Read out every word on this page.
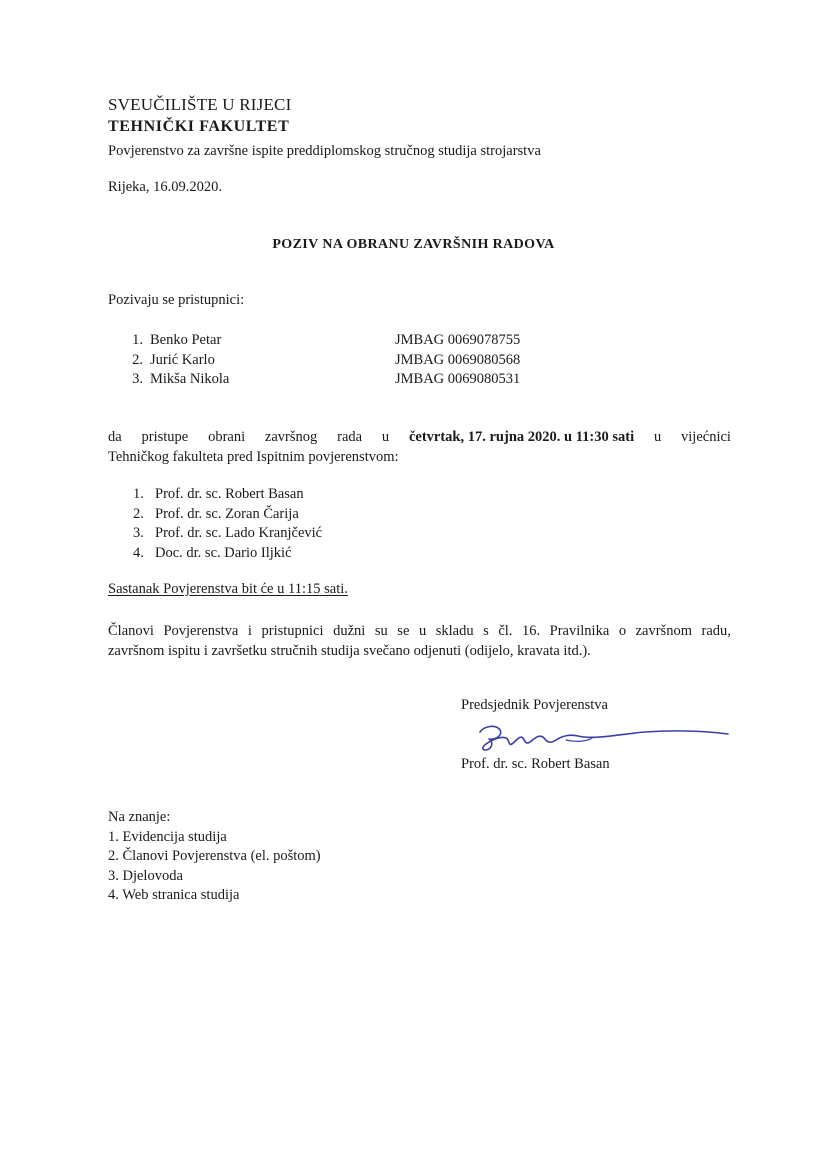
SVEUČILIŠTE U RIJECI
TEHNIČKI FAKULTET
Povjerenstvo za završne ispite preddiplomskog stručnog studija strojarstva
Rijeka, 16.09.2020.
POZIV NA OBRANU ZAVRŠNIH RADOVA
Pozivaju se pristupnici:
1. Benko Petar	JMBAG 0069078755
2. Jurić Karlo	JMBAG 0069080568
3. Mikša Nikola	JMBAG 0069080531
da pristupe obrani završnog rada u četvrtak, 17. rujna 2020. u 11:30 sati u vijećnici
Tehničkog fakulteta pred Ispitnim povjerenstvom:
1. Prof. dr. sc. Robert Basan
2. Prof. dr. sc. Zoran Čarija
3. Prof. dr. sc. Lado Kranjčević
4. Doc. dr. sc. Dario Iljkić
Sastanak Povjerenstva bit će u 11:15 sati.
Članovi Povjerenstva i pristupnici dužni su se u skladu s čl. 16. Pravilnika o završnom radu,
završnom ispitu i završetku stručnih studija svečano odjenuti (odijelo, kravata itd.).
Predsjednik Povjerenstva
Prof. dr. sc. Robert Basan
Na znanje:
1. Evidencija studija
2. Članovi Povjerenstva (el. poštom)
3. Djelovoda
4. Web stranica studija
